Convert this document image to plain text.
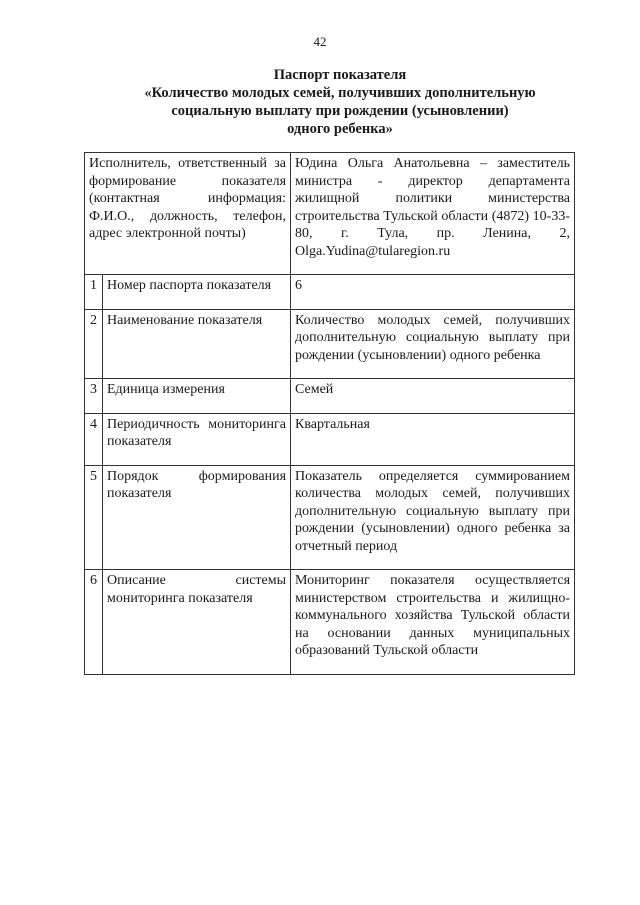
42
Паспорт показателя
«Количество молодых семей, получивших дополнительную
социальную выплату при рождении (усыновлении)
одного ребенка»
Исполнитель, ответственный за формирование показателя (контактная информация: Ф.И.О., должность, телефон, адрес электронной почты)		Юдина Ольга Анатольевна – заместитель министра - директор департамента жилищной политики министерства строительства Тульской области (4872) 10-33-80, г. Тула, пр. Ленина, 2, Olga.Yudina@tularegion.ru
1	Номер паспорта показателя	6
2	Наименование показателя	Количество молодых семей, получивших дополнительную социальную выплату при рождении (усыновлении) одного ребенка
3	Единица измерения	Семей
4	Периодичность мониторинга показателя	Квартальная
5	Порядок формирования показателя	Показатель определяется суммированием количества молодых семей, получивших дополнительную социальную выплату при рождении (усыновлении) одного ребенка за отчетный период
6	Описание системы мониторинга показателя	Мониторинг показателя осуществляется министерством строительства и жилищно-коммунального хозяйства Тульской области на основании данных муниципальных образований Тульской области
